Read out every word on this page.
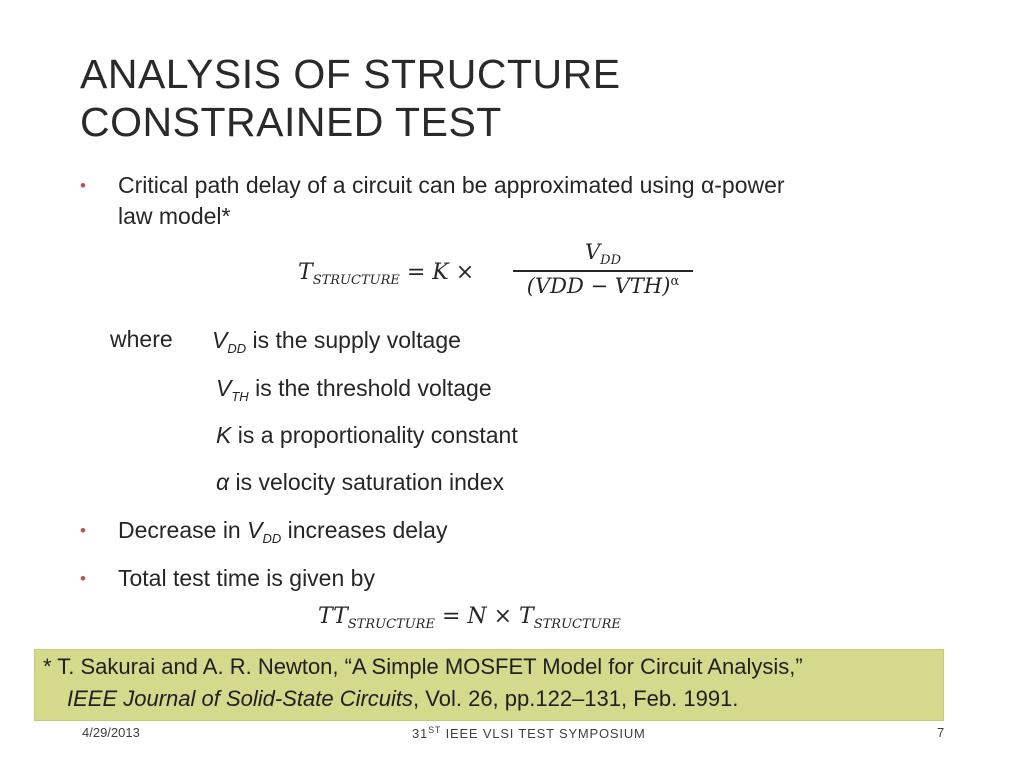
ANALYSIS OF STRUCTURE
CONSTRAINED TEST
• Critical path delay of a circuit can be approximated using α-power
law model*
$T_{STRUCTURE} = K$ ×
$V_{DD}$
(VDD − VTH)$^\alpha$
where $V_{DD}$ is the supply voltage
$V_{TH}$ is the threshold voltage
K is a proportionality constant
α is velocity saturation index
• Decrease in $V_{DD}$ increases delay
• Total test time is given by
$TT_{STRUCTURE} = N \times T_{STRUCTURE}$
* T. Sakurai and A. R. Newton, “A Simple MOSFET Model for Circuit Analysis,”
IEEE Journal of Solid-State Circuits, Vol. 26, pp.122–131, Feb. 1991.
4/29/2013	31ST IEEE VLSI TEST SYMPOSIUM	7
